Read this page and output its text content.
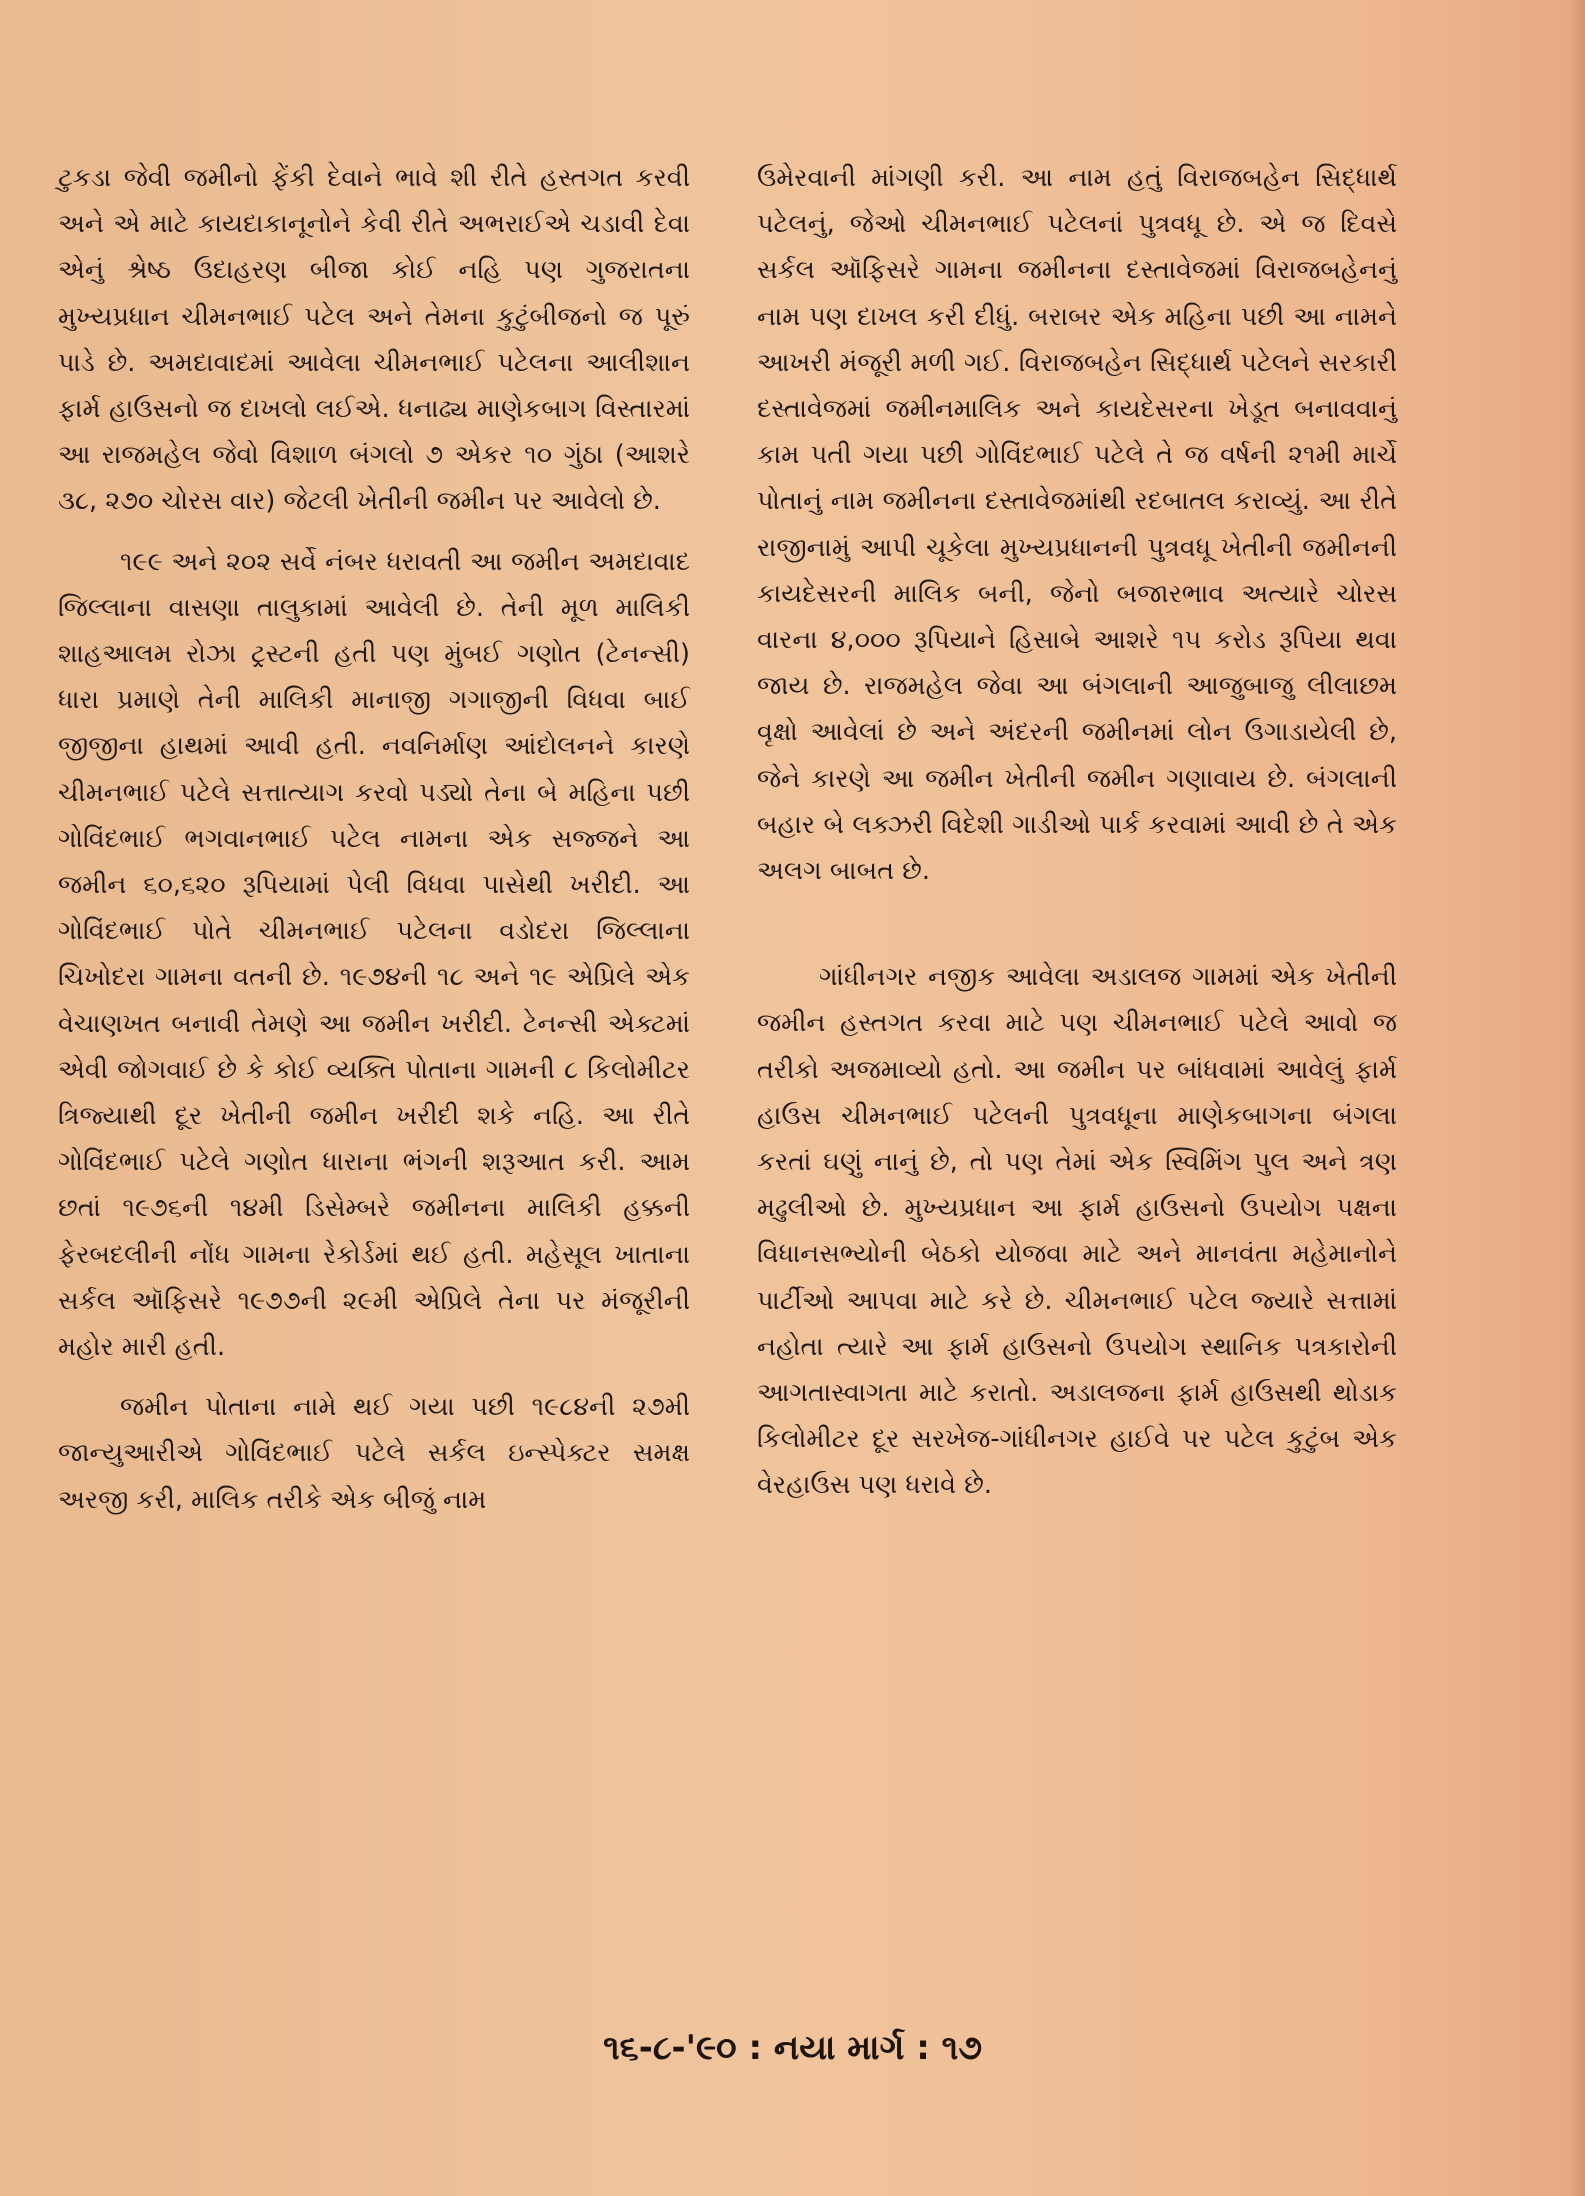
ટુકડા જેવી જમીનો ફેંકી દેવાને ભાવે શી રીતે હસ્તગત કરવી અને એ માટે કાયદાકાનૂનોને કેવી રીતે અભરાઈએ ચડાવી દેવા એનું શ્રેષ્ઠ ઉદાહરણ બીજા કોઈ નહિ પણ ગુજરાતના મુખ્યપ્રધાન ચીમનભાઈ પટેલ અને તેમના કુટુંબીજનો જ પૂરું પાડે છે. અમદાવાદમાં આવેલા ચીમનભાઈ પટેલના આલીશાન ફાર્મ હાઉસનો જ દાખલો લઈએ. ધનાઢ્ય માણેકબાગ વિસ્તારમાં આ રાજમહેલ જેવો વિશાળ બંગલો ૭ એકર ૧૦ ગુંઠા (આશરે ૩૮, ૨૭૦ ચોરસ વાર) જેટલી ખેતીની જમીન પર આવેલો છે.

૧૯૯ અને ૨૦૨ સર્વે નંબર ધરાવતી આ જમીન અમદાવાદ જિલ્લાના વાસણા તાલુકામાં આવેલી છે. તેની મૂળ માલિકી શાહઆલમ રોઝા ટ્રસ્ટની હતી પણ મુંબઈ ગણોત (ટેનન્સી) ધારા પ્રમાણે તેની માલિકી માનાજી ગગાજીની વિધવા બાઈ જીજીના હાથમાં આવી હતી. નવનિર્માણ આંદોલનને કારણે ચીમનભાઈ પટેલે સત્તાત્યાગ કરવો પડ્યો તેના બે મહિના પછી ગોવિંદભાઈ ભગવાનભાઈ પટેલ નામના એક સજ્જને આ જમીન ૬૦,૬૨૦ રૂપિયામાં પેલી વિધવા પાસેથી ખરીદી. આ ગોવિંદભાઈ પોતે ચીમનભાઈ પટેલના વડોદરા જિલ્લાના ચિખોદરા ગામના વતની છે. ૧૯૭૪ની ૧૮ અને ૧૯ એપ્રિલે એક વેચાણખત બનાવી તેમણે આ જમીન ખરીદી. ટેનન્સી એક્ટમાં એવી જોગવાઈ છે કે કોઈ વ્યક્તિ પોતાના ગામની ૮ કિલોમીટર ત્રિજ્યાથી દૂર ખેતીની જમીન ખરીદી શકે નહિ. આ રીતે ગોવિંદભાઈ પટેલે ગણોત ધારાના ભંગની શરૂઆત કરી. આમ છતાં ૧૯૭૬ની ૧૪મી ડિસેમ્બરે જમીનના માલિકી હક્કની ફેરબદલીની નોંધ ગામના રેકોર્ડમાં થઈ હતી. મહેસૂલ ખાતાના સર્કલ ઑફિસરે ૧૯૭૭ની ૨૯મી એપ્રિલે તેના પર મંજૂરીની મહોર મારી હતી.

જમીન પોતાના નામે થઈ ગયા પછી ૧૯૮૪ની ૨૭મી જાન્યુઆરીએ ગોવિંદભાઈ પટેલે સર્કલ ઇન્સ્પેક્ટર સમક્ષ અરજી કરી, માલિક તરીકે એક બીજું નામ

ઉમેરવાની માંગણી કરી. આ નામ હતું વિરાજબહેન સિદ્ધાર્થ પટેલનું, જેઓ ચીમનભાઈ પટેલનાં પુત્રવધૂ છે. એ જ દિવસે સર્કલ ઑફિસરે ગામના જમીનના દસ્તાવેજમાં વિરાજબહેનનું નામ પણ દાખલ કરી દીધું. બરાબર એક મહિના પછી આ નામને આખરી મંજૂરી મળી ગઈ. વિરાજબહેન સિદ્ધાર્થ પટેલને સરકારી દસ્તાવેજમાં જમીનમાલિક અને કાયદેસરના ખેડૂત બનાવવાનું કામ પતી ગયા પછી ગોવિંદભાઈ પટેલે તે જ વર્ષની ૨૧મી માર્ચે પોતાનું નામ જમીનના દસ્તાવેજમાંથી રદબાતલ કરાવ્યું. આ રીતે રાજીનામું આપી ચૂકેલા મુખ્યપ્રધાનની પુત્રવધૂ ખેતીની જમીનની કાયદેસરની માલિક બની, જેનો બજારભાવ અત્યારે ચોરસ વારના ૪,૦૦૦ રૂપિયાને હિસાબે આશરે ૧૫ કરોડ રૂપિયા થવા જાય છે. રાજમહેલ જેવા આ બંગલાની આજુબાજુ લીલાછમ વૃક્ષો આવેલાં છે અને અંદરની જમીનમાં લોન ઉગાડાયેલી છે, જેને કારણે આ જમીન ખેતીની જમીન ગણાવાય છે. બંગલાની બહાર બે લક્ઝરી વિદેશી ગાડીઓ પાર્ક કરવામાં આવી છે તે એક અલગ બાબત છે.

ગાંધીનગર નજીક આવેલા અડાલજ ગામમાં એક ખેતીની જમીન હસ્તગત કરવા માટે પણ ચીમનભાઈ પટેલે આવો જ તરીકો અજમાવ્યો હતો. આ જમીન પર બાંધવામાં આવેલું ફાર્મ હાઉસ ચીમનભાઈ પટેલની પુત્રવધૂના માણેકબાગના બંગલા કરતાં ઘણું નાનું છે, તો પણ તેમાં એક સ્વિમિંગ પુલ અને ત્રણ મઢુલીઓ છે. મુખ્યપ્રધાન આ ફાર્મ હાઉસનો ઉપયોગ પક્ષના વિધાનસભ્યોની બેઠકો યોજવા માટે અને માનવંતા મહેમાનોને પાર્ટીઓ આપવા માટે કરે છે. ચીમનભાઈ પટેલ જ્યારે સત્તામાં નહોતા ત્યારે આ ફાર્મ હાઉસનો ઉપયોગ સ્થાનિક પત્રકારોની આગતાસ્વાગતા માટે કરાતો. અડાલજના ફાર્મ હાઉસથી થોડાક કિલોમીટર દૂર સરખેજ-ગાંધીનગર હાઈવે પર પટેલ કુટુંબ એક વેરહાઉસ પણ ધરાવે છે.

૧૬-૮-'૯૦ : નયા માર્ગ : ૧૭
